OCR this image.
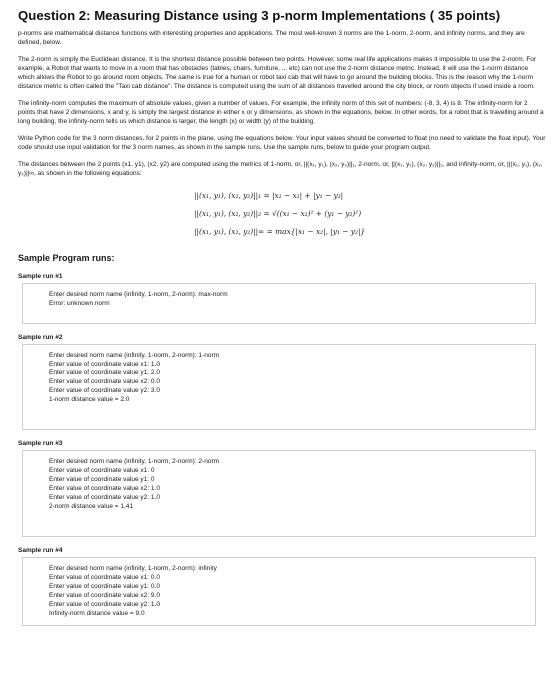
Question 2: Measuring Distance using 3 p-norm Implementations ( 35 points)

p-norms are mathematical distance functions with interesting properties and applications. The most well-known 3 norms are the 1-norm, 2-norm, and infinity norms, and they are defined, below.

The 2-norm is simply the Euclidean distance. It is the shortest distance possible between two points. However, some real life applications makes it impossible to use the 2-norm. For example, a Robot that wants to move in a room that has obstacles (tables, chairs, furniture, ... etc) can not use the 2-norm distance metric. Instead, it will use the 1-norm distance which allows the Robot to go around room objects. The same is true for a human or robot taxi cab that will have to go around the building blocks. This is the reason why the 1-norm distance metric is often called the "Taxi cab distance". The distance is computed using the sum of all distances travelled around the city block, or room objects if used inside a room.

The infinity-norm computes the maximum of absolute values, given a number of values. For example, the infinity norm of this set of numbers: (-8, 3, 4) is 8. The infinity-norm for 2 points that have 2 dimensions, x and y, is simply the largest distance in either x or y dimensions, as shown in the equations, below. In other words, for a robot that is travelling around a long building, the infinity-norm tells us which distance is larger, the length (x) or width (y) of the building.

Write Python code for the 3 norm distances, for 2 points in the plane, using the equations below. Your input values should be converted to float (no need to validate the float input). Your code should use input validation for the 3 norm names, as shown in the sample runs. Use the sample runs, below to guide your program output.

The distances between the 2 points (x1, y1), (x2, y2) are computed using the metrics of 1-norm, or, ||(x₁, y₁), (x₂, y₂)||₁, 2-norm, or, ||(x₁, y₁), (x₂, y₂)||₂, and infinity-norm, or, ||(x₁, y₁), (x₂, y₂)||∞, as shown in the following equations:

||(x₁, y₁), (x₂, y₂)||₁ = |x₁ − x₂| + |y₁ − y₂|
||(x₁, y₁), (x₂, y₂)||₂ = √((x₁ − x₂)² + (y₁ − y₂)²)
||(x₁, y₁), (x₂, y₂)||∞ = max{|x₁ − x₂|, |y₁ − y₂|}
Sample Program runs:
Sample run #1
Enter desired norm name (infinity, 1-norm, 2-norm): max-norm
Error: unknown norm
Sample run #2
Enter desired norm name (infinity, 1-norm, 2-norm): 1-norm
Enter value of coordinate value x1: 1.0
Enter value of coordinate value y1: 2.0
Enter value of coordinate value x2: 0.0
Enter value of coordinate value y2: 3.0
1-norm distance value = 2.0
Sample run #3
Enter desired norm name (infinity, 1-norm, 2-norm): 2-norm
Enter value of coordinate value x1: 0
Enter value of coordinate value y1: 0
Enter value of coordinate value x2: 1.0
Enter value of coordinate value y2: 1.0
2-norm distance value = 1.41
Sample run #4
Enter desired norm name (infinity, 1-norm, 2-norm): infinity
Enter value of coordinate value x1: 0.0
Enter value of coordinate value y1: 0.0
Enter value of coordinate value x2: 9.0
Enter value of coordinate value y2: 1.0
Infinity-norm distance value = 9.0
